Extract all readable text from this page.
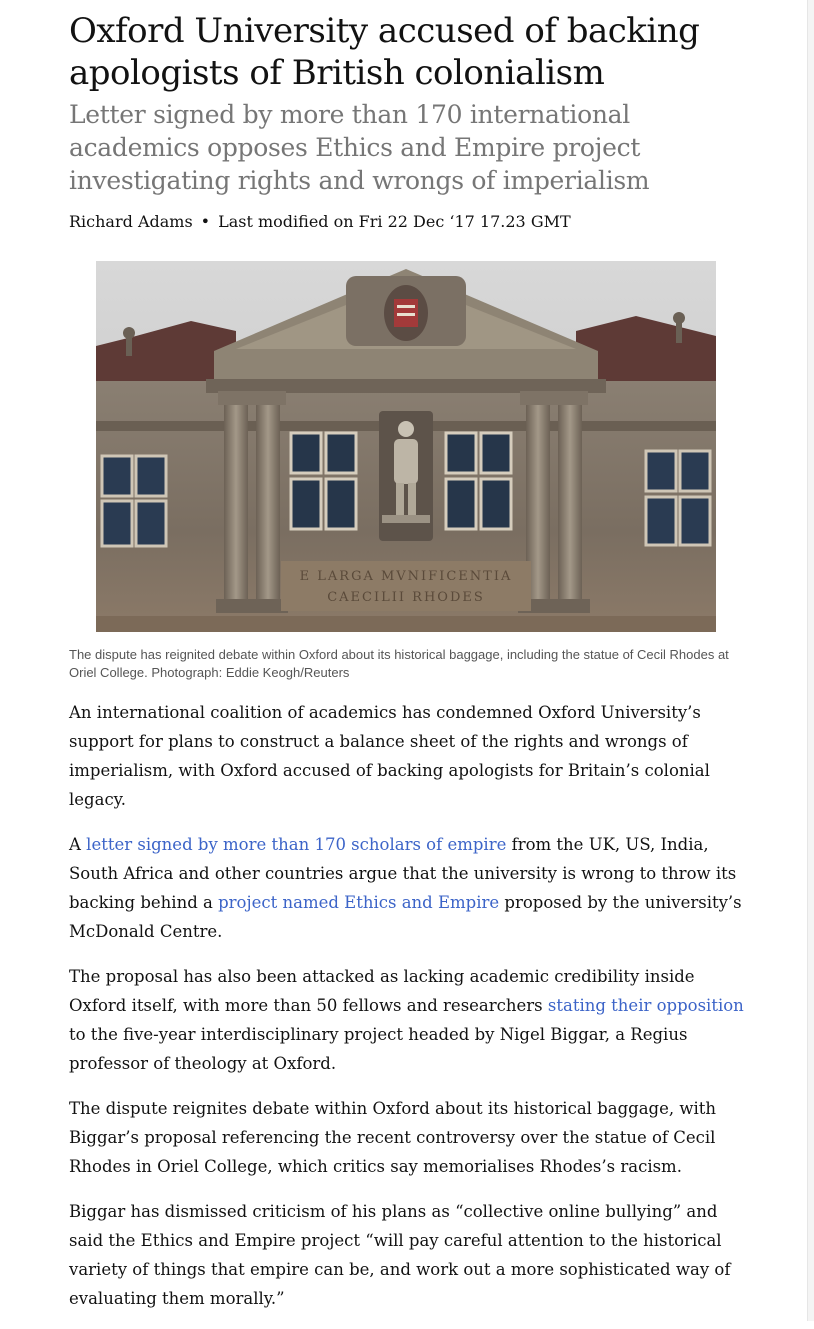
Oxford University accused of backing apologists of British colonialism

Letter signed by more than 170 international academics opposes Ethics and Empire project investigating rights and wrongs of imperialism

Richard Adams • Last modified on Fri 22 Dec ‘17 17.23 GMT
E LARGA MVNIFICENTIA
CAECILII RHODES
The dispute has reignited debate within Oxford about its historical baggage, including the statue of Cecil Rhodes at Oriel College. Photograph: Eddie Keogh/Reuters

An international coalition of academics has condemned Oxford University’s support for plans to construct a balance sheet of the rights and wrongs of imperialism, with Oxford accused of backing apologists for Britain’s colonial legacy.

A letter signed by more than 170 scholars of empire from the UK, US, India, South Africa and other countries argue that the university is wrong to throw its backing behind a project named Ethics and Empire proposed by the university’s McDonald Centre.

The proposal has also been attacked as lacking academic credibility inside Oxford itself, with more than 50 fellows and researchers stating their opposition to the five-year interdisciplinary project headed by Nigel Biggar, a Regius professor of theology at Oxford.

The dispute reignites debate within Oxford about its historical baggage, with Biggar’s proposal referencing the recent controversy over the statue of Cecil Rhodes in Oriel College, which critics say memorialises Rhodes’s racism.

Biggar has dismissed criticism of his plans as “collective online bullying” and said the Ethics and Empire project “will pay careful attention to the historical variety of things that empire can be, and work out a more sophisticated way of evaluating them morally.”
